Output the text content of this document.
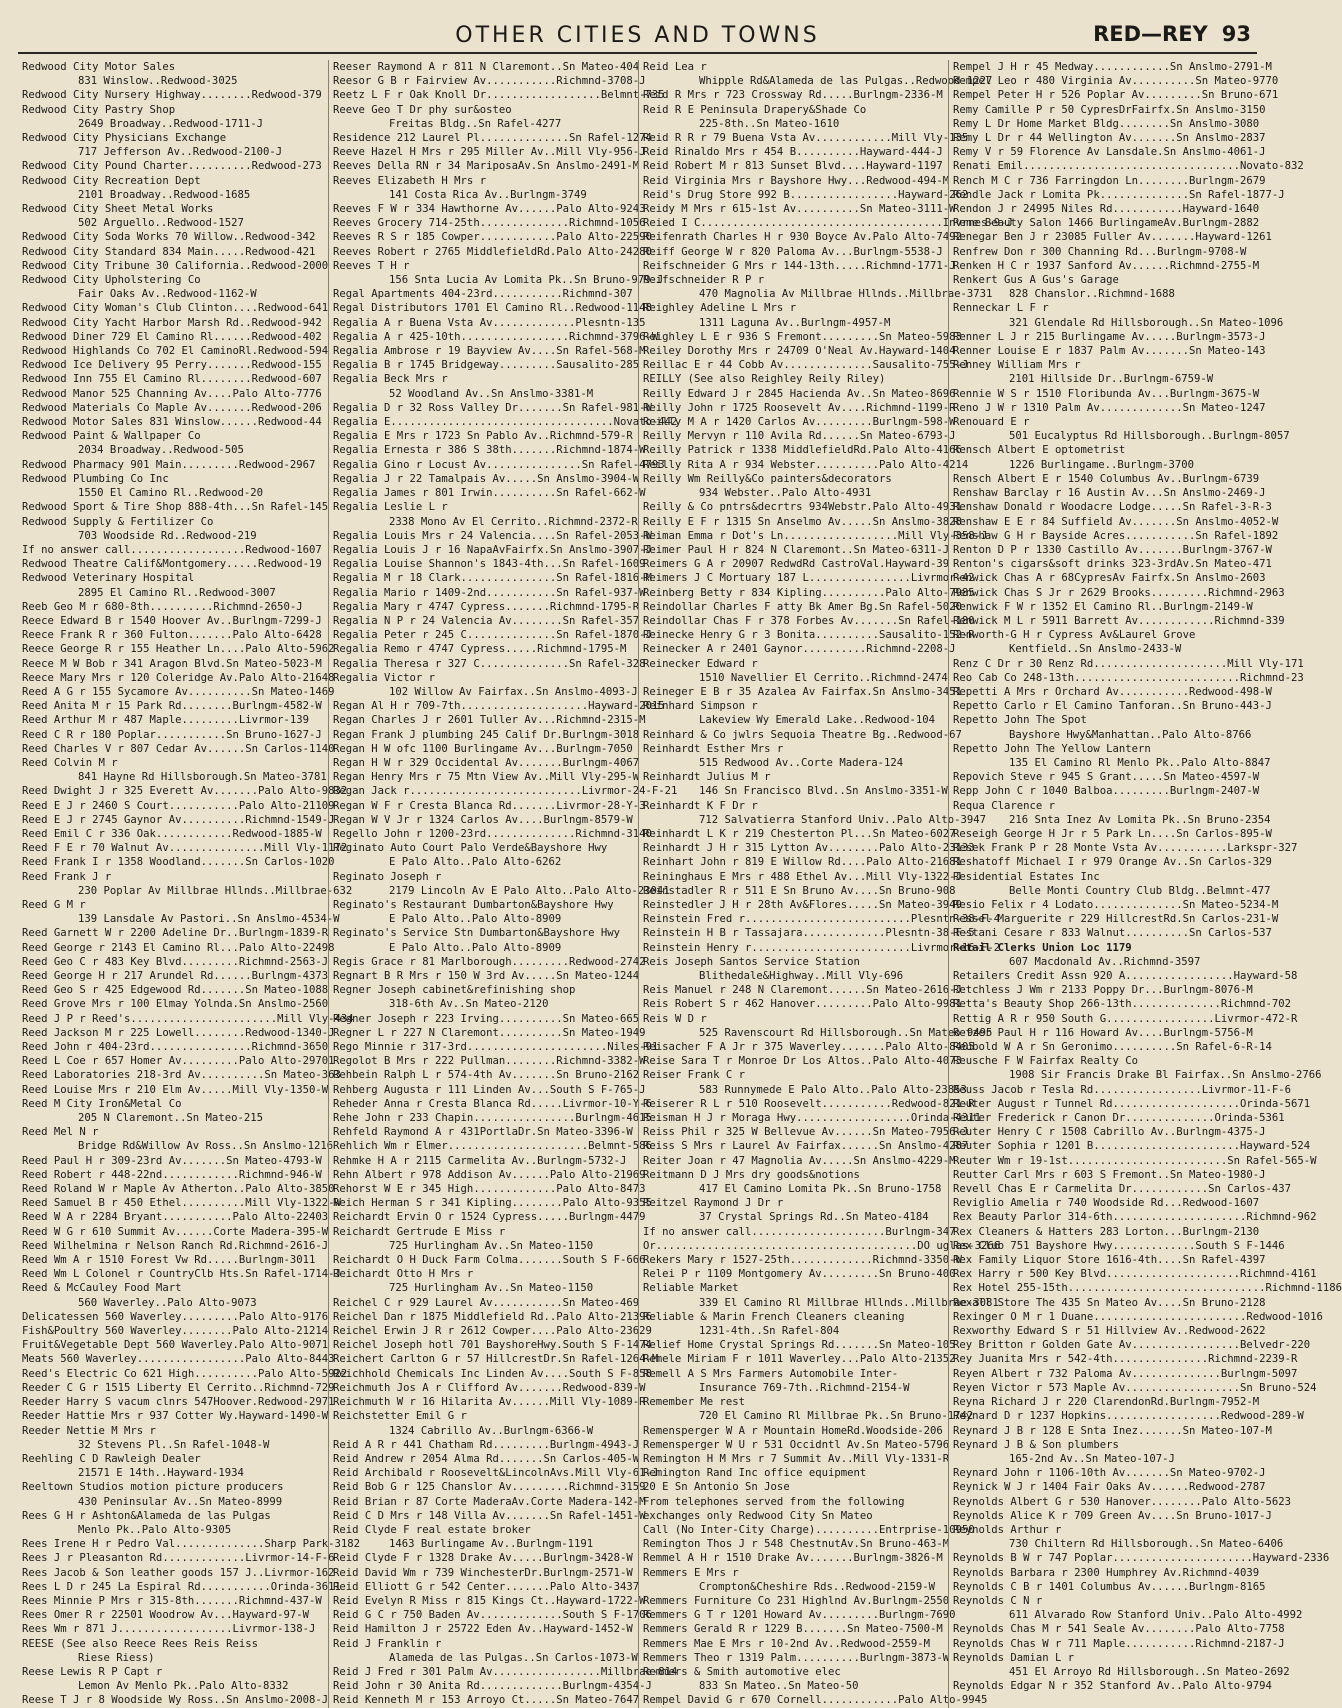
OTHER CITIES AND TOWNS	RED—REY 93
Redwood City Motor Sales
831 Winslow..Redwood-3025
Redwood City Nursery Highway........Redwood-379
Redwood City Pastry Shop
2649 Broadway..Redwood-1711-J
Redwood City Physicians Exchange
717 Jefferson Av..Redwood-2100-J
Redwood City Pound Charter..........Redwood-273
Redwood City Recreation Dept
2101 Broadway..Redwood-1685
Redwood City Sheet Metal Works
502 Arguello..Redwood-1527
Redwood City Soda Works 70 Willow..Redwood-342
Redwood City Standard 834 Main.....Redwood-421
Redwood City Tribune 30 California..Redwood-2000
Redwood City Upholstering Co
Fair Oaks Av..Redwood-1162-W
Redwood City Woman's Club Clinton....Redwood-641
Redwood City Yacht Harbor Marsh Rd..Redwood-942
Redwood Diner 729 El Camino Rl......Redwood-402
Redwood Highlands Co 702 El CaminoRl.Redwood-594
Redwood Ice Delivery 95 Perry.......Redwood-155
Redwood Inn 755 El Camino Rl........Redwood-607
Redwood Manor 525 Channing Av....Palo Alto-7776
Redwood Materials Co Maple Av.......Redwood-206
Redwood Motor Sales 831 Winslow......Redwood-44
Redwood Paint & Wallpaper Co
2034 Broadway..Redwood-505
Redwood Pharmacy 901 Main.........Redwood-2967
Redwood Plumbing Co Inc
1550 El Camino Rl..Redwood-20
Redwood Sport & Tire Shop 888-4th...Sn Rafel-145
Redwood Supply & Fertilizer Co
703 Woodside Rd..Redwood-219
If no answer call..................Redwood-1607
Redwood Theatre Calif&Montgomery.....Redwood-19
Redwood Veterinary Hospital
2895 El Camino Rl..Redwood-3007
Reeb Geo M r 680-8th..........Richmnd-2650-J
Reece Edward B r 1540 Hoover Av..Burlngm-7299-J
Reece Frank R r 360 Fulton.......Palo Alto-6428
Reece George R r 155 Heather Ln....Palo Alto-5962
Reece M W Bob r 341 Aragon Blvd.Sn Mateo-5023-M
Reece Mary Mrs r 120 Coleridge Av.Palo Alto-21648
Reed A G r 155 Sycamore Av..........Sn Mateo-1469
Reed Anita M r 15 Park Rd........Burlngm-4582-W
Reed Arthur M r 487 Maple.........Livrmor-139
Reed C R r 180 Poplar...........Sn Bruno-1627-J
Reed Charles V r 807 Cedar Av......Sn Carlos-1140
Reed Colvin M r
841 Hayne Rd Hillsborough.Sn Mateo-3781
Reed Dwight J r 325 Everett Av.......Palo Alto-9832
Reed E J r 2460 S Court...........Palo Alto-21109
Reed E J r 2745 Gaynor Av..........Richmnd-1549-J
Reed Emil C r 336 Oak............Redwood-1885-W
Reed F E r 70 Walnut Av...............Mill Vly-1172
Reed Frank I r 1358 Woodland.......Sn Carlos-1020
Reed Frank J r
230 Poplar Av Millbrae Hllnds..Millbrae-632
Reed G M r
139 Lansdale Av Pastori..Sn Anslmo-4534-W
Reed Garnett W r 2200 Adeline Dr..Burlngm-1839-R
Reed George r 2143 El Camino Rl...Palo Alto-22498
Reed Geo C r 483 Key Blvd.........Richmnd-2563-J
Reed George H r 217 Arundel Rd......Burlngm-4373
Reed Geo S r 425 Edgewood Rd.......Sn Mateo-1088
Reed Grove Mrs r 100 Elmay Yolnda.Sn Anslmo-2560
Reed J P r Reed's.......................Mill Vly-434
Reed Jackson M r 225 Lowell........Redwood-1340-J
Reed John r 404-23rd................Richmnd-3650
Reed L Coe r 657 Homer Av.........Palo Alto-29701
Reed Laboratories 218-3rd Av..........Sn Mateo-363
Reed Louise Mrs r 210 Elm Av.....Mill Vly-1350-W
Reed M City Iron&Metal Co
205 N Claremont..Sn Mateo-215
Reed Mel N r
Bridge Rd&Willow Av Ross..Sn Anslmo-1216
Reed Paul H r 309-23rd Av.......Sn Mateo-4793-W
Reed Robert r 448-22nd............Richmnd-946-W
Reed Roland W r Maple Av Atherton..Palo Alto-3850
Reed Samuel B r 450 Ethel..........Mill Vly-1322-W
Reed W A r 2284 Bryant...........Palo Alto-22403
Reed W G r 610 Summit Av......Corte Madera-395-W
Reed Wilhelmina r Nelson Ranch Rd.Richmnd-2616-J
Reed Wm A r 1510 Forest Vw Rd.....Burlngm-3011
Reed Wm L Colonel r CountryClb Hts.Sn Rafel-1714-J
Reed & McCauley Food Mart
560 Waverley..Palo Alto-9073
Delicatessen 560 Waverley.........Palo Alto-9176
Fish&Poultry 560 Waverley........Palo Alto-21214
Fruit&Vegetable Dept 560 Waverley.Palo Alto-9071
Meats 560 Waverley.................Palo Alto-8443
Reed's Electric Co 621 High..........Palo Alto-5922
Reeder C G r 1515 Liberty El Cerrito..Richmnd-729
Reeder Harry S vacum clnrs 547Hoover.Redwood-2971
Reeder Hattie Mrs r 937 Cotter Wy.Hayward-1490-W
Reeder Nettie M Mrs r
32 Stevens Pl..Sn Rafel-1048-W
Reehling C D Rawleigh Dealer
21571 E 14th..Hayward-1934
Reeltown Studios motion picture producers
430 Peninsular Av..Sn Mateo-8999
Rees G H r Ashton&Alameda de las Pulgas
Menlo Pk..Palo Alto-9305
Rees Irene H r Pedro Val..............Sharp Park-3182
Rees J r Pleasanton Rd.............Livrmor-14-F-6
Rees Jacob & Son leather goods 157 J..Livrmor-162
Rees L D r 245 La Espiral Rd...........Orinda-3611
Rees Minnie P Mrs r 315-8th.......Richmnd-437-W
Rees Omer R r 22501 Woodrow Av...Hayward-97-W
Rees Wm r 871 J..................Livrmor-138-J
REESE (See also Reece Rees Reis Reiss
Riese Riess)
Reese Lewis R P Capt r
Lemon Av Menlo Pk..Palo Alto-8332
Reese T J r 8 Woodside Wy Ross..Sn Anslmo-2008-J
Reeser Raymond A r 811 N Claremont..Sn Mateo-404
Reesor G B r Fairview Av...........Richmnd-3708-J
Reetz L F r Oak Knoll Dr..................Belmnt-735
Reeve Geo T Dr phy sur&osteo
Freitas Bldg..Sn Rafel-4277
Residence 212 Laurel Pl..............Sn Rafel-1274
Reeve Hazel H Mrs r 295 Miller Av..Mill Vly-956-J
Reeves Della RN r 34 MariposaAv.Sn Anslmo-2491-M
Reeves Elizabeth H Mrs r
141 Costa Rica Av..Burlngm-3749
Reeves F W r 334 Hawthorne Av......Palo Alto-9243
Reeves Grocery 714-25th..............Richmnd-1056
Reeves R S r 185 Cowper............Palo Alto-22590
Reeves Robert r 2765 MiddlefieldRd.Palo Alto-24280
Reeves T H r
156 Snta Lucia Av Lomita Pk..Sn Bruno-979-J
Regal Apartments 404-23rd...........Richmnd-307
Regal Distributors 1701 El Camino Rl..Redwood-1148
Regalia A r Buena Vsta Av.............Plesntn-135
Regalia A r 425-10th.................Richmnd-3796-W
Regalia Ambrose r 19 Bayview Av....Sn Rafel-568-M
Regalia B r 1745 Bridgeway.........Sausalito-285
Regalia Beck Mrs r
52 Woodland Av..Sn Anslmo-3381-M
Regalia D r 32 Ross Valley Dr.......Sn Rafel-981-W
Regalia E...................................Novato-442
Regalia E Mrs r 1723 Sn Pablo Av..Richmnd-579-R
Regalia Ernesta r 386 S 38th.......Richmnd-1874-W
Regalia Gino r Locust Av...............Sn Rafel-4793
Regalia J r 22 Tamalpais Av.....Sn Anslmo-3904-W
Regalia James r 801 Irwin..........Sn Rafel-662-W
Regalia Leslie L r
2338 Mono Av El Cerrito..Richmnd-2372-R
Regalia Louis Mrs r 24 Valencia....Sn Rafel-2053-W
Regalia Louis J r 16 NapaAvFairfx.Sn Anslmo-3907-J
Regalia Louise Shannon's 1843-4th...Sn Rafel-1609
Regalia M r 18 Clark...............Sn Rafel-1816-M
Regalia Mario r 1409-2nd...........Sn Rafel-937-W
Regalia Mary r 4747 Cypress.......Richmnd-1795-R
Regalia N P r 24 Valencia Av........Sn Rafel-357
Regalia Peter r 245 C..............Sn Rafel-1870-J
Regalia Remo r 4747 Cypress.....Richmnd-1795-M
Regalia Theresa r 327 C..............Sn Rafel-328
Regalia Victor r
102 Willow Av Fairfax..Sn Anslmo-4093-J
Regan Al H r 709-7th....................Hayward-2015
Regan Charles J r 2601 Tuller Av...Richmnd-2315-M
Regan Frank J plumbing 245 Calif Dr.Burlngm-3018
Regan H W ofc 1100 Burlingame Av...Burlngm-7050
Regan H W r 329 Occidental Av.......Burlngm-4067
Regan Henry Mrs r 75 Mtn View Av..Mill Vly-295-W
Regan Jack r...........................Livrmor-24-F-21
Regan W F r Cresta Blanca Rd.......Livrmor-28-Y-3
Regan W V Jr r 1324 Carlos Av....Burlngm-8579-W
Regello John r 1200-23rd..............Richmnd-3140
Reginato Auto Court Palo Verde&Bayshore Hwy
E Palo Alto..Palo Alto-6262
Reginato Joseph r
2179 Lincoln Av E Palo Alto..Palo Alto-23041
Reginato's Restaurant Dumbarton&Bayshore Hwy
E Palo Alto..Palo Alto-8909
Reginato's Service Stn Dumbarton&Bayshore Hwy
E Palo Alto..Palo Alto-8909
Regis Grace r 81 Marlborough.........Redwood-2742
Regnart B R Mrs r 150 W 3rd Av.....Sn Mateo-1244
Regner Joseph cabinet&refinishing shop
318-6th Av..Sn Mateo-2120
Regner Joseph r 223 Irving..........Sn Mateo-665
Regner L r 227 N Claremont..........Sn Mateo-1949
Rego Minnie r 317-3rd......................Niles-91
Regolot B Mrs r 222 Pullman........Richmnd-3382-W
Rehbein Ralph L r 574-4th Av.......Sn Bruno-2162
Rehberg Augusta r 111 Linden Av...South S F-765-J
Reheder Anna r Cresta Blanca Rd.....Livrmor-10-Y-6
Rehe John r 233 Chapin................Burlngm-4615
Rehfeld Raymond A r 431PortlaDr.Sn Mateo-3396-W
Rehlich Wm r Elmer......................Belmnt-586
Rehmke H A r 2115 Carmelita Av..Burlngm-5732-J
Rehn Albert r 978 Addison Av......Palo Alto-21969
Rehorst W E r 345 High.............Palo Alto-8473
Reich Herman S r 341 Kipling........Palo Alto-9355
Reichardt Ervin O r 1524 Cypress.....Burlngm-4479
Reichardt Gertrude E Miss r
725 Hurlingham Av..Sn Mateo-1150
Reichardt O H Duck Farm Colma.......South S F-666
Reichardt Otto H Mrs r
725 Hurlingham Av..Sn Mateo-1150
Reichel C r 929 Laurel Av...........Sn Mateo-469
Reichel Dan r 1875 Middlefield Rd..Palo Alto-21396
Reichel Erwin J R r 2612 Cowper....Palo Alto-23629
Reichel Joseph hotl 701 BayshoreHwy.South S F-1474
Reichert Carlton G r 57 HillcrestDr.Sn Rafel-1264-M
Reichhold Chemicals Inc Linden Av....South S F-858
Reichmuth Jos A r Clifford Av.......Redwood-839-W
Reichmuth W r 16 Hilarita Av......Mill Vly-1089-R
Reichstetter Emil G r
1324 Cabrillo Av..Burlngm-6366-W
Reid A R r 441 Chatham Rd.........Burlngm-4943-J
Reid Andrew r 2054 Alma Rd.......Sn Carlos-405-W
Reid Archibald r Roosevelt&LincolnAvs.Mill Vly-61-J
Reid Bob G r 125 Chanslor Av.........Richmnd-3159
Reid Brian r 87 Corte MaderaAv.Corte Madera-142-M
Reid C D Mrs r 148 Villa Av.......Sn Rafel-1451-W
Reid Clyde F real estate broker
1463 Burlingame Av..Burlngm-1191
Reid Clyde F r 1328 Drake Av.....Burlngm-3428-W
Reid David Wm r 739 WinchesterDr.Burlngm-2571-W
Reid Elliott G r 542 Center.......Palo Alto-3437
Reid Evelyn R Miss r 815 Kings Ct..Hayward-1722-W
Reid G C r 750 Baden Av.............South S F-1706
Reid Hamilton J r 25722 Eden Av..Hayward-1452-W
Reid J Franklin r
Alameda de las Pulgas..Sn Carlos-1073-W
Reid J Fred r 301 Palm Av.................Millbrae-814
Reid John r 30 Anita Rd.............Burlngm-4354-J
Reid Kenneth M r 153 Arroyo Ct.....Sn Mateo-7647
Reid Lea r
Whipple Rd&Alameda de las Pulgas..Redwood-1227
Reid R Mrs r 723 Crossway Rd.....Burlngm-2336-M
Reid R E Peninsula Drapery&Shade Co
225-8th..Sn Mateo-1610
Reid R R r 79 Buena Vsta Av............Mill Vly-135
Reid Rinaldo Mrs r 454 B..........Hayward-444-J
Reid Robert M r 813 Sunset Blvd....Hayward-1197
Reid Virginia Mrs r Bayshore Hwy...Redwood-494-M
Reid's Drug Store 992 B.................Hayward-262
Reidy M Mrs r 615-1st Av..........Sn Mateo-3111-W
Reied I C......................................Invrnes-9-J
Reifenrath Charles H r 930 Boyce Av.Palo Alto-7492
Reiff George W r 820 Paloma Av...Burlngm-5538-J
Reifschneider G Mrs r 144-13th.....Richmnd-1771-J
Reifschneider R P r
470 Magnolia Av Millbrae Hllnds..Millbrae-3731
Reighley Adeline L Mrs r
1311 Laguna Av..Burlngm-4957-M
Reighley L E r 936 S Fremont.........Sn Mateo-5983
Reiley Dorothy Mrs r 24709 O'Neal Av.Hayward-1404
Reillac E r 44 Cobb Av..............Sausalito-755-J
REILLY (See also Reighley Reily Riley)
Reilly Edward J r 2845 Hacienda Av..Sn Mateo-8696
Reilly John r 1725 Roosevelt Av....Richmnd-1199-R
Reilly M A r 1420 Carlos Av.........Burlngm-598-W
Reilly Mervyn r 110 Avila Rd......Sn Mateo-6793-J
Reilly Patrick r 1338 MiddlefieldRd.Palo Alto-4166
Reilly Rita A r 934 Webster..........Palo Alto-4214
Reilly Wm Reilly&Co painters&decorators
934 Webster..Palo Alto-4931
Reilly & Co pntrs&decrtrs 934Webstr.Palo Alto-4931
Reilly E F r 1315 Sn Anselmo Av.....Sn Anslmo-3828
Reiman Emma r Dot's Ln..................Mill Vly-358-J
Reimer Paul H r 824 N Claremont..Sn Mateo-6311-J
Reimers G A r 20907 RedwdRd CastroVal.Hayward-39
Reimers J C Mortuary 187 L................Livrmor-42
Reinberg Betty r 834 Kipling..........Palo Alto-7985
Reindollar Charles F atty Bk Amer Bg.Sn Rafel-5020
Reindollar Chas F r 378 Forbes Av.......Sn Rafel-180
Reinecke Henry G r 3 Bonita..........Sausalito-152-R
Reinecker A r 2401 Gaynor..........Richmnd-2208-J
Reinecker Edward r
1510 Navellier El Cerrito..Richmnd-2474
Reineger E B r 35 Azalea Av Fairfax.Sn Anslmo-3451
Reinhard Simpson r
Lakeview Wy Emerald Lake..Redwood-104
Reinhard & Co jwlrs Sequoia Theatre Bg..Redwood-67
Reinhardt Esther Mrs r
515 Redwood Av..Corte Madera-124
Reinhardt Julius M r
146 Sn Francisco Blvd..Sn Anslmo-3351-W
Reinhardt K F Dr r
712 Salvatierra Stanford Univ..Palo Alto-3947
Reinhardt L K r 219 Chesterton Pl...Sn Mateo-6027
Reinhardt J H r 315 Lytton Av........Palo Alto-23133
Reinhart John r 819 E Willow Rd....Palo Alto-21681
Reininghaus E Mrs r 488 Ethel Av...Mill Vly-1322-J
Reinstadler R r 511 E Sn Bruno Av....Sn Bruno-908
Reinstedler J H r 28th Av&Flores.....Sn Mateo-3949
Reinstein Fred r..........................Plesntn-38-F-4
Reinstein H B r Tassajara.............Plesntn-38-F-5
Reinstein Henry r.........................Livrmor-16-F-2
Reis Joseph Santos Service Station
Blithedale&Highway..Mill Vly-696
Reis Manuel r 248 N Claremont......Sn Mateo-2616-J
Reis Robert S r 462 Hanover.........Palo Alto-9981
Reis W D r
525 Ravenscourt Rd Hillsborough..Sn Mateo-9495
Reisacher F A Jr r 375 Waverley.......Palo Alto-8405
Reise Sara T r Monroe Dr Los Altos..Palo Alto-4073
Reiser Frank C r
583 Runnymede E Palo Alto..Palo Alto-23853
Reiserer R L r 510 Roosevelt...........Redwood-821-R
Reisman H J r Moraga Hwy..................Orinda-4311
Reiss Phil r 325 W Bellevue Av......Sn Mateo-7956-J
Reiss S Mrs r Laurel Av Fairfax......Sn Anslmo-4287
Reiter Joan r 47 Magnolia Av.....Sn Anslmo-4229-M
Reitmann D J Mrs dry goods&notions
417 El Camino Lomita Pk..Sn Bruno-1758
Reitzel Raymond J Dr r
37 Crystal Springs Rd..Sn Mateo-4184
If no answer call.....................Burlngm-347
Or.........................................DO uglas-3266
Rekers Mary r 1527-25th.............Richmnd-3350-W
Relei P r 1109 Montgomery Av.........Sn Bruno-400
Reliable Market
339 El Camino Rl Millbrae Hllnds..Millbrae-3081
Reliable & Marin French Cleaners cleaning
1231-4th..Sn Rafel-804
Relief Home Crystal Springs Rd.......Sn Mateo-105
Remele Miriam F r 1011 Waverley...Palo Alto-21352
Remell A S Mrs Farmers Automobile Inter-
Insurance 769-7th..Richmnd-2154-W
Remember Me rest
720 El Camino Rl Millbrae Pk..Sn Bruno-1742
Remensperger W A r Mountain HomeRd.Woodside-206
Remensperger W U r 531 Occidntl Av.Sn Mateo-5796
Remington H M Mrs r 7 Summit Av..Mill Vly-1331-R
Remington Rand Inc office equipment
20 E Sn Antonio Sn Jose
From telephones served from the following
exchanges only Redwood City Sn Mateo
Call (No Inter-City Charge)..........Entrprise-10950
Remington Thos J r 548 ChestnutAv.Sn Bruno-463-M
Remmel A H r 1510 Drake Av.......Burlngm-3826-M
Remmers E Mrs r
Crompton&Cheshire Rds..Redwood-2159-W
Remmers Furniture Co 231 Highlnd Av.Burlngm-2550
Remmers G T r 1201 Howard Av.........Burlngm-7690
Remmers Gerald R r 1229 B.......Sn Mateo-7500-M
Remmers Mae E Mrs r 10-2nd Av..Redwood-2559-M
Remmers Theo r 1319 Palm..........Burlngm-3873-W
Remmers & Smith automotive elec
833 Sn Mateo..Sn Mateo-50
Rempel David G r 670 Cornell............Palo Alto-9945
Rempel J H r 45 Medway............Sn Anslmo-2791-M
Rempel Leo r 480 Virginia Av..........Sn Mateo-9770
Rempel Peter H r 526 Poplar Av.........Sn Bruno-671
Remy Camille P r 50 CypresDrFairfx.Sn Anslmo-3150
Remy L Dr Home Market Bldg........Sn Anslmo-3080
Remy L Dr r 44 Wellington Av.......Sn Anslmo-2837
Remy V r 59 Florence Av Lansdale.Sn Anslmo-4061-J
Renati Emil..................................Novato-832
Rench M C r 736 Farringdon Ln........Burlngm-2679
Rendle Jack r Lomita Pk..............Sn Rafel-1877-J
Rendon J r 24995 Niles Rd...........Hayward-1640
Rene Beauty Salon 1466 BurlingameAv.Burlngm-2882
Renegar Ben J r 23085 Fuller Av.......Hayward-1261
Renfrew Don r 300 Channing Rd...Burlngm-9708-W
Renken H C r 1937 Sanford Av......Richmnd-2755-M
Renkert Gus A Gus's Garage
828 Chanslor..Richmnd-1688
Renneckar L F r
321 Glendale Rd Hillsborough..Sn Mateo-1096
Renner L J r 215 Burlingame Av.....Burlngm-3573-J
Renner Louise E r 1837 Palm Av.......Sn Mateo-143
Renney William Mrs r
2101 Hillside Dr..Burlngm-6759-W
Rennie W S r 1510 Floribunda Av...Burlngm-3675-W
Reno J W r 1310 Palm Av.............Sn Mateo-1247
Renouard E r
501 Eucalyptus Rd Hillsborough..Burlngm-8057
Rensch Albert E optometrist
1226 Burlingame..Burlngm-3700
Rensch Albert E r 1540 Columbus Av..Burlngm-6739
Renshaw Barclay r 16 Austin Av...Sn Anslmo-2469-J
Renshaw Donald r Woodacre Lodge.....Sn Rafel-3-R-3
Renshaw E E r 84 Suffield Av.......Sn Anslmo-4052-W
Renshaw G H r Bayside Acres...........Sn Rafel-1892
Renton D P r 1330 Castillo Av.......Burlngm-3767-W
Renton's cigars&soft drinks 323-3rdAv.Sn Mateo-471
Renwick Chas A r 68CypresAv Fairfx.Sn Anslmo-2603
Renwick Chas S Jr r 2629 Brooks.........Richmnd-2963
Renwick F W r 1352 El Camino Rl..Burlngm-2149-W
Renwick M L r 5911 Barrett Av............Richmnd-339
Renworth-G H r Cypress Av&Laurel Grove
Kentfield..Sn Anslmo-2433-W
Renz C Dr r 30 Renz Rd.....................Mill Vly-171
Reo Cab Co 248-13th..........................Richmnd-23
Repetti A Mrs r Orchard Av...........Redwood-498-W
Repetto Carlo r El Camino Tanforan..Sn Bruno-443-J
Repetto John The Spot
Bayshore Hwy&Manhattan..Palo Alto-8766
Repetto John The Yellow Lantern
135 El Camino Rl Menlo Pk..Palo Alto-8847
Repovich Steve r 945 S Grant.....Sn Mateo-4597-W
Repp John C r 1040 Balboa.........Burlngm-2407-W
Requa Clarence r
216 Snta Inez Av Lomita Pk..Sn Bruno-2354
Reseigh George H Jr r 5 Park Ln....Sn Carlos-895-W
Resek Frank P r 28 Monte Vsta Av...........Larkspr-327
Reshatoff Michael I r 979 Orange Av..Sn Carlos-329
Residential Estates Inc
Belle Monti Country Club Bldg..Belmnt-477
Resio Felix r 4 Lodato..............Sn Mateo-5234-M
Ressel Marguerite r 229 HillcrestRd.Sn Carlos-231-W
Restani Cesare r 833 Walnut..........Sn Carlos-537
Retail Clerks Union Loc 1179
607 Macdonald Av..Richmnd-3597
Retailers Credit Assn 920 A.................Hayward-58
Retchless J Wm r 2133 Poppy Dr...Burlngm-8076-M
Retta's Beauty Shop 266-13th..............Richmnd-702
Rettig A R r 950 South G.................Livrmor-472-R
Retzer Paul H r 116 Howard Av....Burlngm-5756-M
Reubold W A r Sn Geronimo..........Sn Rafel-6-R-14
Reusche F W Fairfax Realty Co
1908 Sir Francis Drake Bl Fairfax..Sn Anslmo-2766
Reuss Jacob r Tesla Rd.................Livrmor-11-F-6
Reuter August r Tunnel Rd....................Orinda-5671
Reuter Frederick r Canon Dr..............Orinda-5361
Reuter Henry C r 1508 Cabrillo Av..Burlngm-4375-J
Reuter Sophia r 1201 B.......................Hayward-524
Reuter Wm r 19-1st.........................Sn Rafel-565-W
Reutter Carl Mrs r 603 S Fremont..Sn Mateo-1980-J
Revell Chas E r Carmelita Dr............Sn Carlos-437
Reviglio Amelia r 740 Woodside Rd...Redwood-1607
Rex Beauty Parlor 314-6th.....................Richmnd-962
Rex Cleaners & Hatters 283 Lorton...Burlngm-2130
Rex Club 751 Bayshore Hwy.............South S F-1446
Rex Family Liquor Store 1616-4th....Sn Rafel-4397
Rex Harry r 500 Key Blvd.....................Richmnd-4161
Rex Hotel 255-15th...............................Richmnd-1186
Rexall Store The 435 Sn Mateo Av....Sn Bruno-2128
Rexinger O M r 1 Duane........................Redwood-1016
Rexworthy Edward S r 51 Hillview Av..Redwood-2622
Rey Britton r Golden Gate Av.................Belvedr-220
Rey Juanita Mrs r 542-4th...............Richmnd-2239-R
Reyen Albert r 732 Paloma Av..............Burlngm-5097
Reyen Victor r 573 Maple Av..................Sn Bruno-524
Reyna Richard J r 220 ClarendonRd.Burlngm-7952-M
Reynard D r 1237 Hopkins..................Redwood-289-W
Reynard J B r 128 E Snta Inez.......Sn Mateo-107-M
Reynard J B & Son plumbers
165-2nd Av..Sn Mateo-107-J
Reynard John r 1106-10th Av.......Sn Mateo-9702-J
Reynick W J r 1404 Fair Oaks Av......Redwood-2787
Reynolds Albert G r 530 Hanover........Palo Alto-5623
Reynolds Alice K r 709 Green Av....Sn Bruno-1017-J
Reynolds Arthur r
730 Chiltern Rd Hillsborough..Sn Mateo-6406
Reynolds B W r 747 Poplar......................Hayward-2336
Reynolds Barbara r 2300 Humphrey Av.Richmnd-4039
Reynolds C B r 1401 Columbus Av......Burlngm-8165
Reynolds C N r
611 Alvarado Row Stanford Univ..Palo Alto-4992
Reynolds Chas M r 541 Seale Av........Palo Alto-7758
Reynolds Chas W r 711 Maple...........Richmnd-2187-J
Reynolds Damian L r
451 El Arroyo Rd Hillsborough..Sn Mateo-2692
Reynolds Edgar N r 352 Stanford Av..Palo Alto-9794
